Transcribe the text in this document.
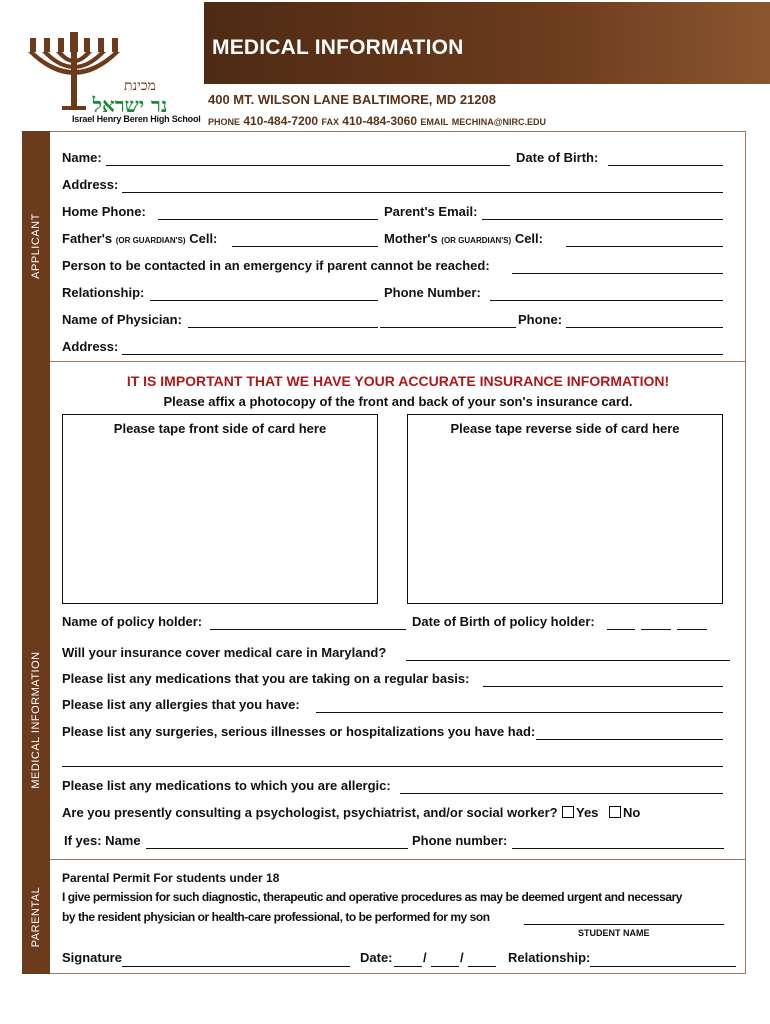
מכינת
נר ישראל
Israel Henry Beren High School
MEDICAL INFORMATION
400 MT. WILSON LANE BALTIMORE, MD 21208
PHONE 410-484-7200 FAX 410-484-3060 EMAIL MECHINA@NIRC.EDU
APPLICANT
MEDICAL INFORMATION
PARENTAL
Name:	Date of Birth:
Address:
Home Phone:	Parent's Email:
Father's (OR GUARDIAN'S) Cell:	Mother's (OR GUARDIAN'S) Cell:
Person to be contacted in an emergency if parent cannot be reached:
Relationship:	Phone Number:
Name of Physician:	Phone:
Address:
IT IS IMPORTANT THAT WE HAVE YOUR ACCURATE INSURANCE INFORMATION!
Please affix a photocopy of the front and back of your son's insurance card.
Please tape front side of card here	Please tape reverse side of card here
Name of policy holder:	Date of Birth of policy holder:
Will your insurance cover medical care in Maryland?
Please list any medications that you are taking on a regular basis:
Please list any allergies that you have:
Please list any surgeries, serious illnesses or hospitalizations you have had:
Please list any medications to which you are allergic:
Are you presently consulting a psychologist, psychiatrist, and/or social worker?	Yes	No
If yes: Name	Phone number:
Parental Permit For students under 18
I give permission for such diagnostic, therapeutic and operative procedures as may be deemed urgent and necessary
by the resident physician or health-care professional, to be performed for my son
STUDENT NAME
Signature	Date: /	/	Relationship:
